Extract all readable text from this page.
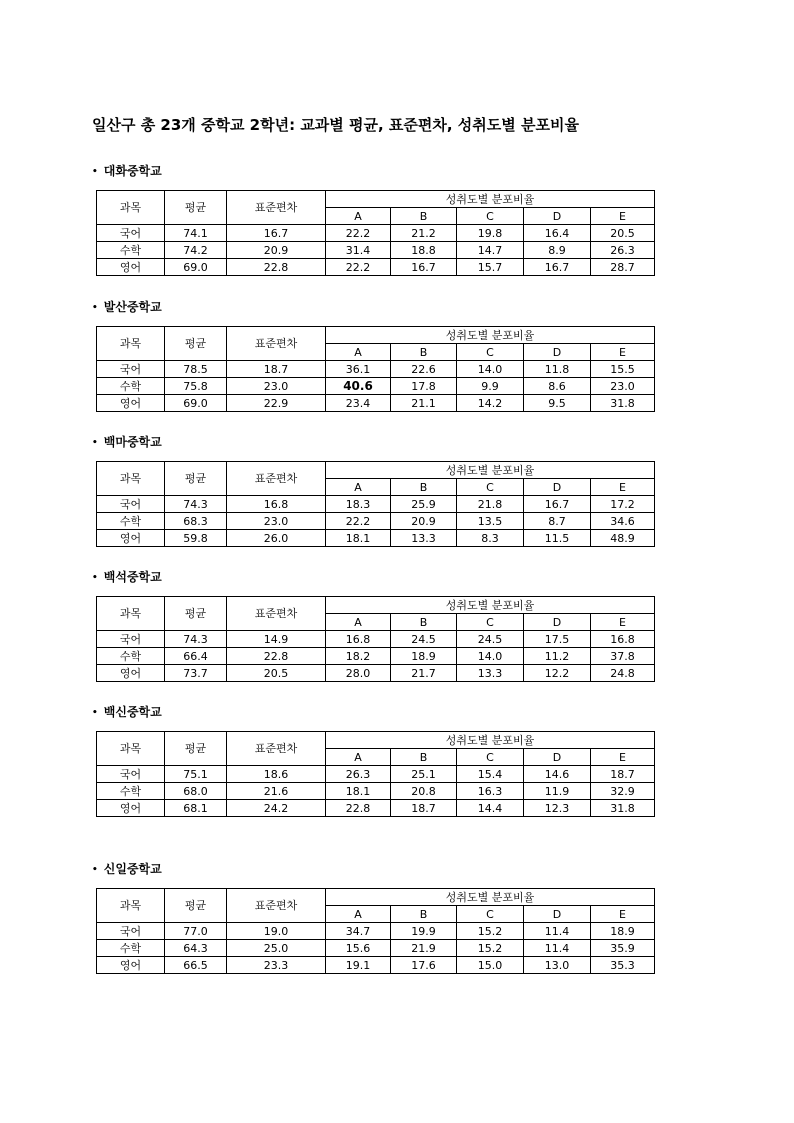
일산구 총 23개 중학교 2학년: 교과별 평균, 표준편차, 성취도별 분포비율
• 대화중학교
과목	평균	표준편차	성취도별 분포비율				
			A	B	C	D	E
국어	74.1	16.7	22.2	21.2	19.8	16.4	20.5
수학	74.2	20.9	31.4	18.8	14.7	8.9	26.3
영어	69.0	22.8	22.2	16.7	15.7	16.7	28.7
• 발산중학교
과목	평균	표준편차	성취도별 분포비율				
			A	B	C	D	E
국어	78.5	18.7	36.1	22.6	14.0	11.8	15.5
수학	75.8	23.0	40.6	17.8	9.9	8.6	23.0
영어	69.0	22.9	23.4	21.1	14.2	9.5	31.8
• 백마중학교
과목	평균	표준편차	성취도별 분포비율				
			A	B	C	D	E
국어	74.3	16.8	18.3	25.9	21.8	16.7	17.2
수학	68.3	23.0	22.2	20.9	13.5	8.7	34.6
영어	59.8	26.0	18.1	13.3	8.3	11.5	48.9
• 백석중학교
과목	평균	표준편차	성취도별 분포비율				
			A	B	C	D	E
국어	74.3	14.9	16.8	24.5	24.5	17.5	16.8
수학	66.4	22.8	18.2	18.9	14.0	11.2	37.8
영어	73.7	20.5	28.0	21.7	13.3	12.2	24.8
• 백신중학교
과목	평균	표준편차	성취도별 분포비율				
			A	B	C	D	E
국어	75.1	18.6	26.3	25.1	15.4	14.6	18.7
수학	68.0	21.6	18.1	20.8	16.3	11.9	32.9
영어	68.1	24.2	22.8	18.7	14.4	12.3	31.8
• 신일중학교
과목	평균	표준편차	성취도별 분포비율				
			A	B	C	D	E
국어	77.0	19.0	34.7	19.9	15.2	11.4	18.9
수학	64.3	25.0	15.6	21.9	15.2	11.4	35.9
영어	66.5	23.3	19.1	17.6	15.0	13.0	35.3
